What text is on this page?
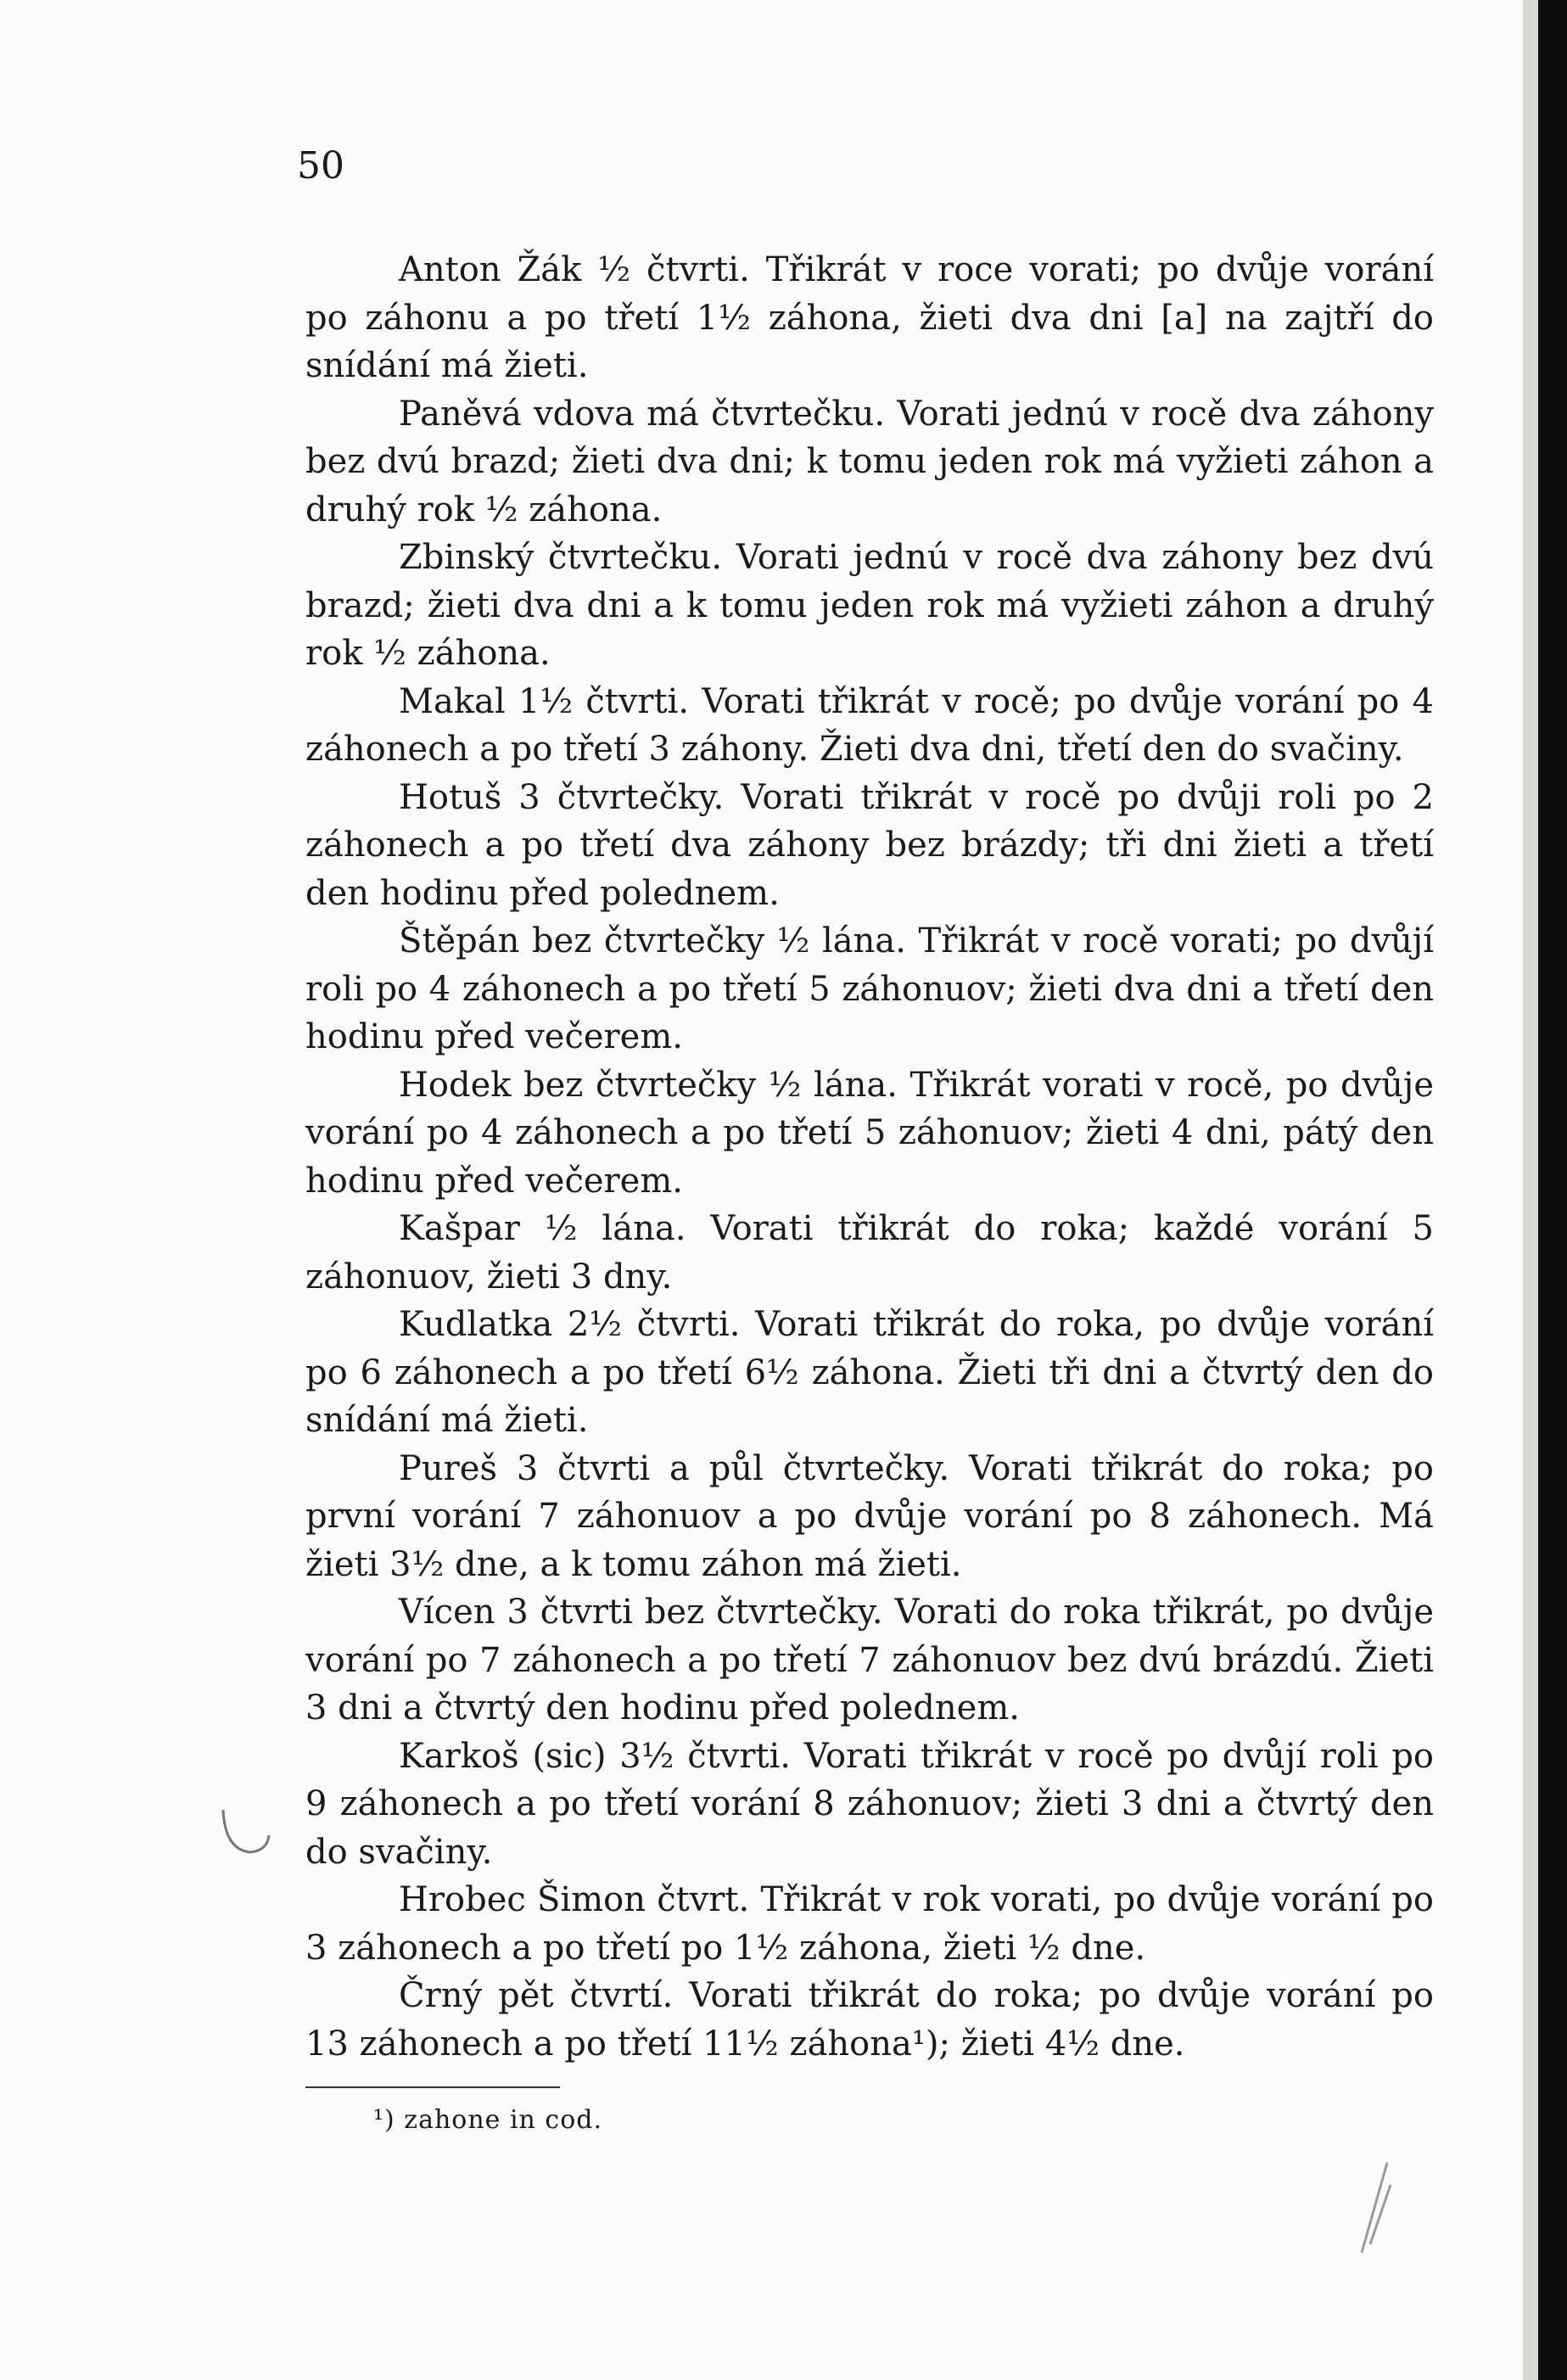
50

Anton Žák ½ čtvrti. Třikrát v roce vorati; po dvůje vorání po záhonu a po třetí 1½ záhona, žieti dva dni [a] na zajtří do snídání má žieti.

Paněvá vdova má čtvrtečku. Vorati jednú v rocě dva záhony bez dvú brazd; žieti dva dni; k tomu jeden rok má vyžieti záhon a druhý rok ½ záhona.

Zbinský čtvrtečku. Vorati jednú v rocě dva záhony bez dvú brazd; žieti dva dni a k tomu jeden rok má vyžieti záhon a druhý rok ½ záhona.

Makal 1½ čtvrti. Vorati třikrát v rocě; po dvůje vorání po 4 záhonech a po třetí 3 záhony. Žieti dva dni, třetí den do svačiny.

Hotuš 3 čtvrtečky. Vorati třikrát v rocě po dvůji roli po 2 záhonech a po třetí dva záhony bez brázdy; tři dni žieti a třetí den hodinu před polednem.

Štěpán bez čtvrtečky ½ lána. Třikrát v rocě vorati; po dvůjí roli po 4 záhonech a po třetí 5 záhonuov; žieti dva dni a třetí den hodinu před večerem.

Hodek bez čtvrtečky ½ lána. Třikrát vorati v rocě, po dvůje vorání po 4 záhonech a po třetí 5 záhonuov; žieti 4 dni, pátý den hodinu před večerem.

Kašpar ½ lána. Vorati třikrát do roka; každé vorání 5 záhonuov, žieti 3 dny.

Kudlatka 2½ čtvrti. Vorati třikrát do roka, po dvůje vorání po 6 záhonech a po třetí 6½ záhona. Žieti tři dni a čtvrtý den do snídání má žieti.

Pureš 3 čtvrti a půl čtvrtečky. Vorati třikrát do roka; po první vorání 7 záhonuov a po dvůje vorání po 8 záhonech. Má žieti 3½ dne, a k tomu záhon má žieti.

Vícen 3 čtvrti bez čtvrtečky. Vorati do roka třikrát, po dvůje vorání po 7 záhonech a po třetí 7 záhonuov bez dvú brázdú. Žieti 3 dni a čtvrtý den hodinu před polednem.

Karkoš (sic) 3½ čtvrti. Vorati třikrát v rocě po dvůjí roli po 9 záhonech a po třetí vorání 8 záhonuov; žieti 3 dni a čtvrtý den do svačiny.

Hrobec Šimon čtvrt. Třikrát v rok vorati, po dvůje vorání po 3 záhonech a po třetí po 1½ záhona, žieti ½ dne.

Črný pět čtvrtí. Vorati třikrát do roka; po dvůje vorání po 13 záhonech a po třetí 11½ záhona¹); žieti 4½ dne.

¹) zahone in cod.
